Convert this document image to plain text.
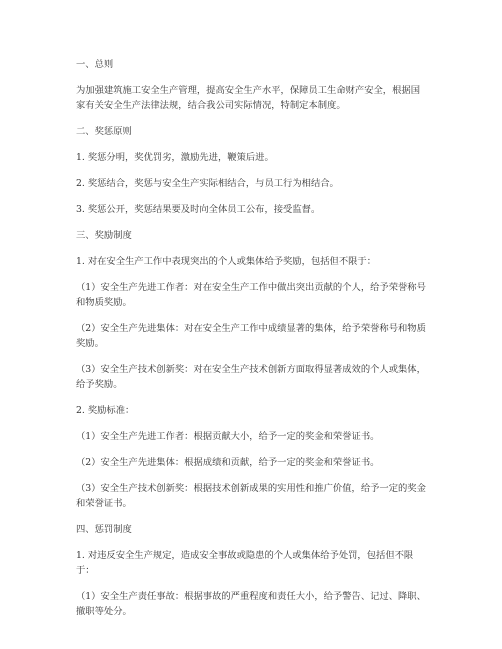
一、总则

为加强建筑施工安全生产管理，提高安全生产水平，保障员工生命财产安全，根据国家有关安全生产法律法规，结合我公司实际情况，特制定本制度。

二、奖惩原则

1. 奖惩分明，奖优罚劣，激励先进，鞭策后进。

2. 奖惩结合，奖惩与安全生产实际相结合，与员工行为相结合。

3. 奖惩公开，奖惩结果要及时向全体员工公布，接受监督。

三、奖励制度

1. 对在安全生产工作中表现突出的个人或集体给予奖励，包括但不限于：

（1）安全生产先进工作者：对在安全生产工作中做出突出贡献的个人，给予荣誉称号和物质奖励。

（2）安全生产先进集体：对在安全生产工作中成绩显著的集体，给予荣誉称号和物质奖励。

（3）安全生产技术创新奖：对在安全生产技术创新方面取得显著成效的个人或集体，给予奖励。

2. 奖励标准：

（1）安全生产先进工作者：根据贡献大小，给予一定的奖金和荣誉证书。

（2）安全生产先进集体：根据成绩和贡献，给予一定的奖金和荣誉证书。

（3）安全生产技术创新奖：根据技术创新成果的实用性和推广价值，给予一定的奖金和荣誉证书。

四、惩罚制度

1. 对违反安全生产规定，造成安全事故或隐患的个人或集体给予处罚，包括但不限于：

（1）安全生产责任事故：根据事故的严重程度和责任大小，给予警告、记过、降职、撤职等处分。
